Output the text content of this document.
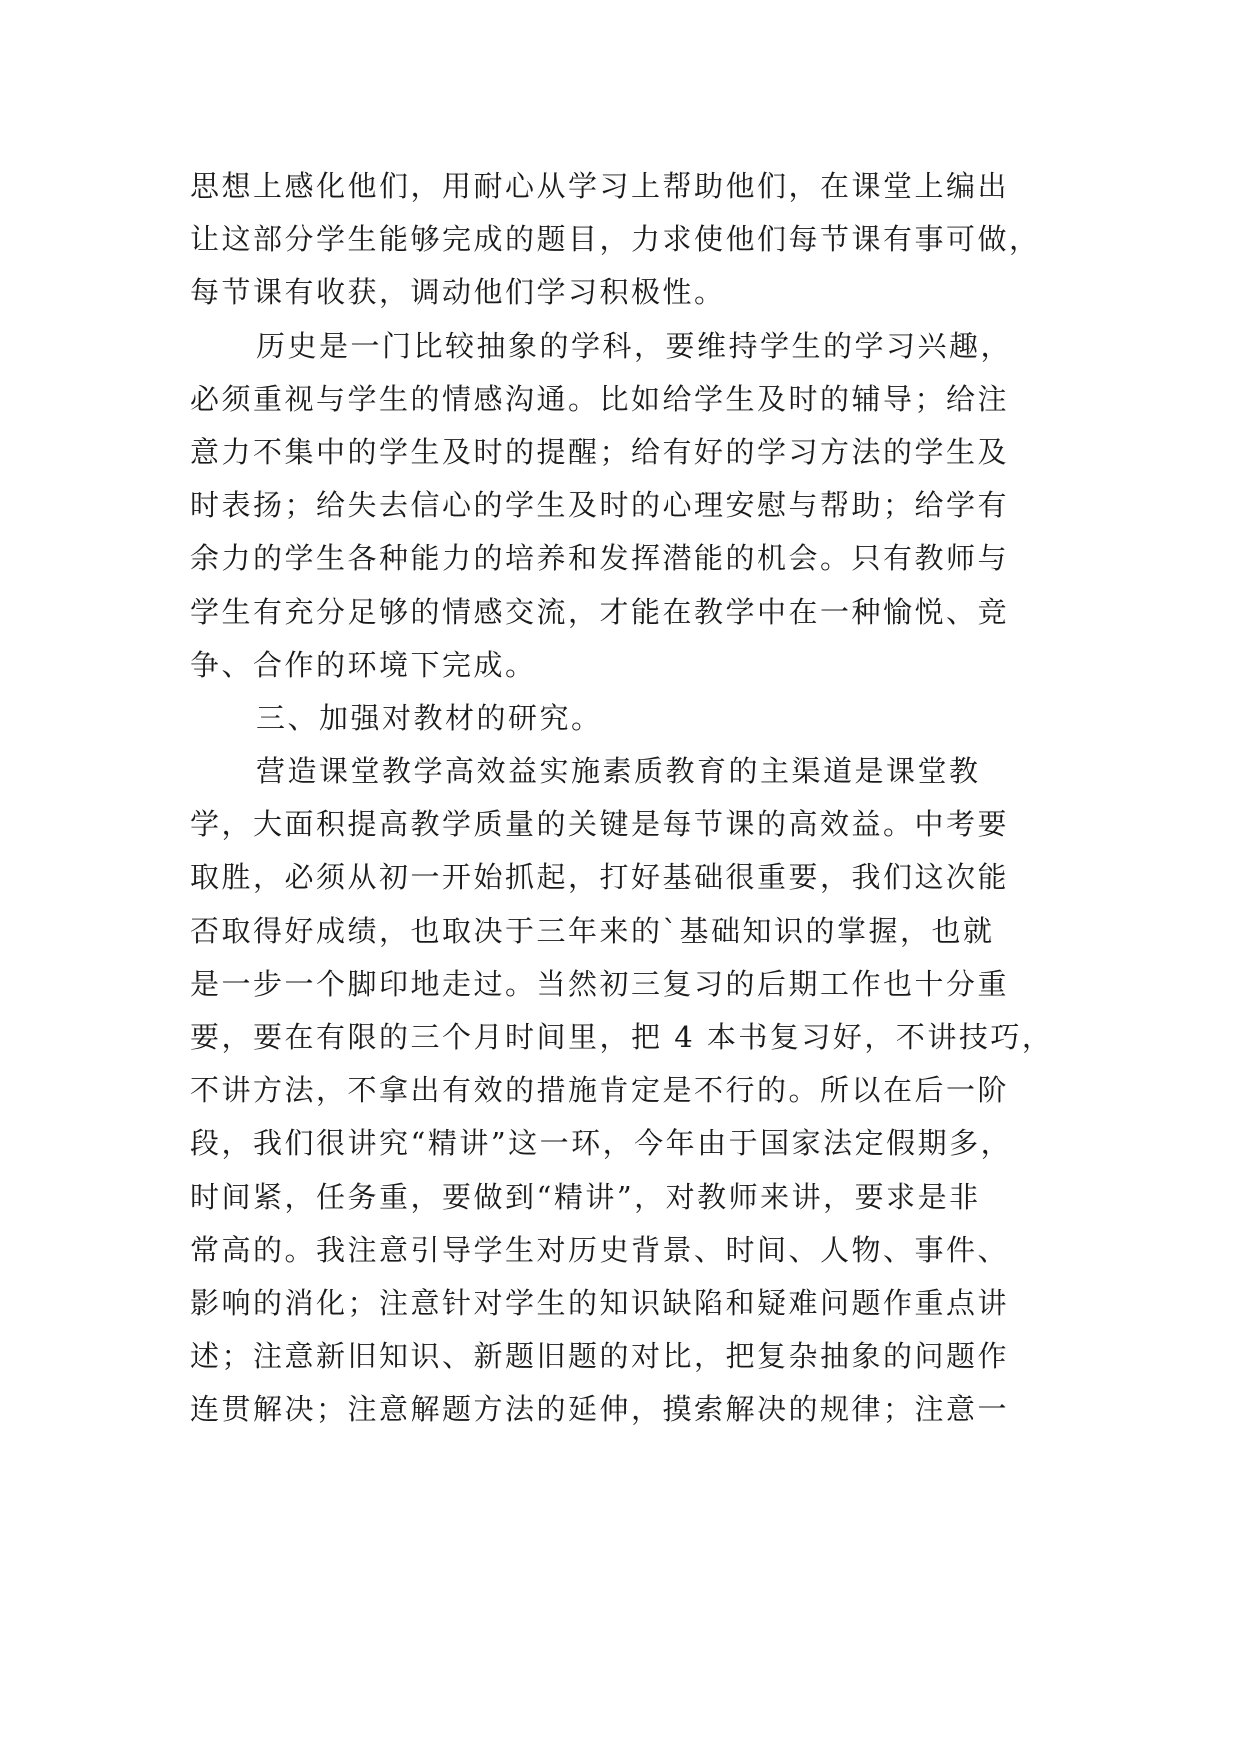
思想上感化他们，用耐心从学习上帮助他们，在课堂上编出
让这部分学生能够完成的题目，力求使他们每节课有事可做，
每节课有收获，调动他们学习积极性。
历史是一门比较抽象的学科，要维持学生的学习兴趣，
必须重视与学生的情感沟通。比如给学生及时的辅导；给注
意力不集中的学生及时的提醒；给有好的学习方法的学生及
时表扬；给失去信心的学生及时的心理安慰与帮助；给学有
余力的学生各种能力的培养和发挥潜能的机会。只有教师与
学生有充分足够的情感交流，才能在教学中在一种愉悦、竞
争、合作的环境下完成。
三、加强对教材的研究。
营造课堂教学高效益实施素质教育的主渠道是课堂教
学，大面积提高教学质量的关键是每节课的高效益。中考要
取胜，必须从初一开始抓起，打好基础很重要，我们这次能
否取得好成绩，也取决于三年来的`基础知识的掌握，也就
是一步一个脚印地走过。当然初三复习的后期工作也十分重
要，要在有限的三个月时间里，把 4 本书复习好，不讲技巧，
不讲方法，不拿出有效的措施肯定是不行的。所以在后一阶
段，我们很讲究“精讲”这一环，今年由于国家法定假期多，
时间紧，任务重，要做到“精讲”，对教师来讲，要求是非
常高的。我注意引导学生对历史背景、时间、人物、事件、
影响的消化；注意针对学生的知识缺陷和疑难问题作重点讲
述；注意新旧知识、新题旧题的对比，把复杂抽象的问题作
连贯解决；注意解题方法的延伸，摸索解决的规律；注意一
